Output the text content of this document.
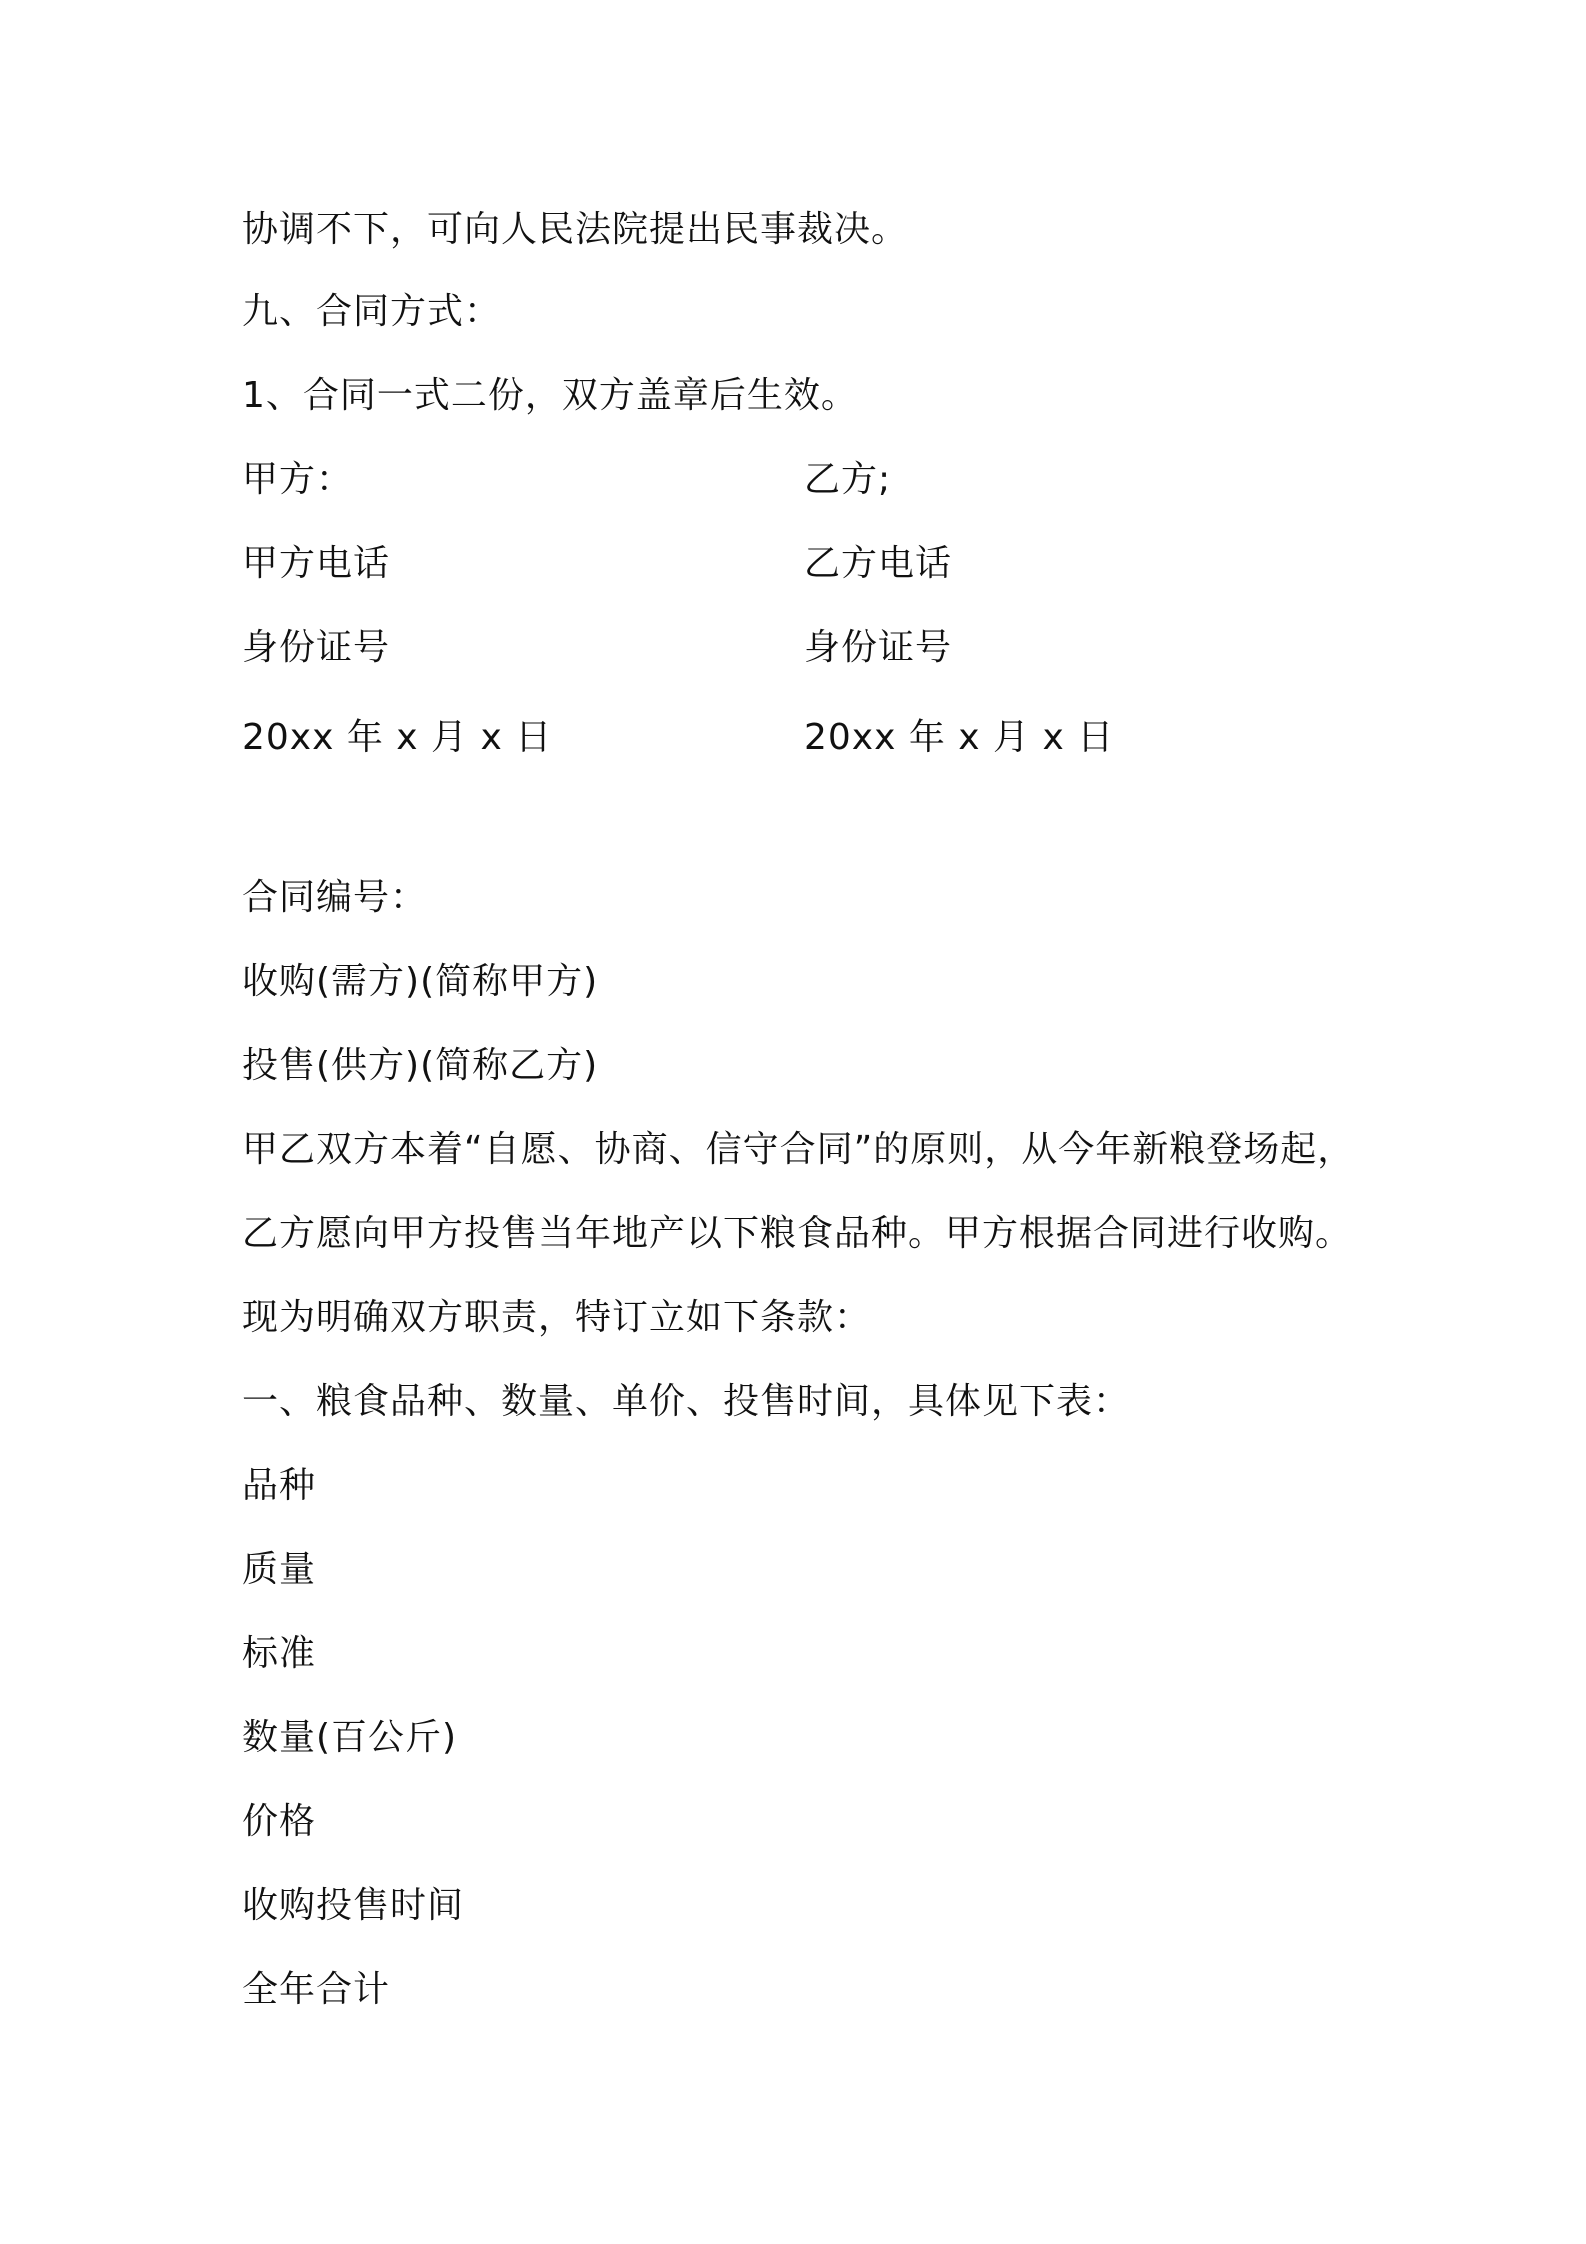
协调不下，可向人民法院提出民事裁决。
九、合同方式：
1、合同一式二份，双方盖章后生效。
甲方：	乙方;
甲方电话	乙方电话
身份证号	身份证号
20xx 年 x 月 x 日	20xx 年 x 月 x 日
合同编号：
收购(需方)(简称甲方)
投售(供方)(简称乙方)
甲乙双方本着“自愿、协商、信守合同”的原则，从今年新粮登场起，
乙方愿向甲方投售当年地产以下粮食品种。甲方根据合同进行收购。
现为明确双方职责，特订立如下条款：
一、粮食品种、数量、单价、投售时间，具体见下表：
品种
质量
标准
数量(百公斤)
价格
收购投售时间
全年合计
